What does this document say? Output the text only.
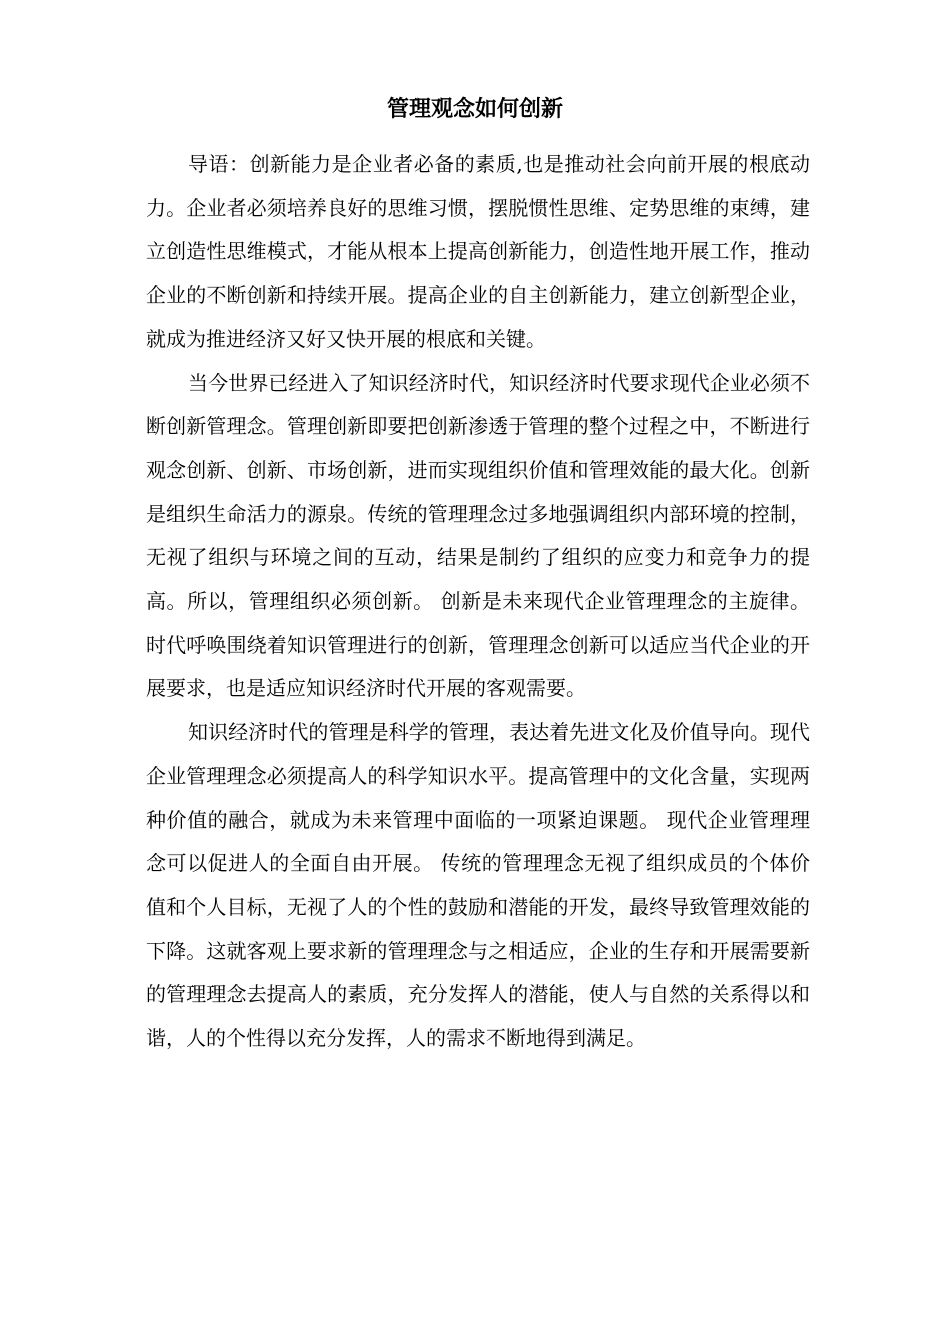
管理观念如何创新

导语：创新能力是企业者必备的素质,也是推动社会向前开展的根底动力。企业者必须培养良好的思维习惯，摆脱惯性思维、定势思维的束缚，建立创造性思维模式，才能从根本上提高创新能力，创造性地开展工作，推动企业的不断创新和持续开展。提高企业的自主创新能力，建立创新型企业，就成为推进经济又好又快开展的根底和关键。

当今世界已经进入了知识经济时代，知识经济时代要求现代企业必须不断创新管理念。管理创新即要把创新渗透于管理的整个过程之中，不断进行观念创新、创新、市场创新，进而实现组织价值和管理效能的最大化。创新是组织生命活力的源泉。传统的管理理念过多地强调组织内部环境的控制，无视了组织与环境之间的互动，结果是制约了组织的应变力和竞争力的提高。所以，管理组织必须创新。 创新是未来现代企业管理理念的主旋律。 时代呼唤围绕着知识管理进行的创新，管理理念创新可以适应当代企业的开展要求，也是适应知识经济时代开展的客观需要。

知识经济时代的管理是科学的管理，表达着先进文化及价值导向。现代企业管理理念必须提高人的科学知识水平。提高管理中的文化含量，实现两种价值的融合，就成为未来管理中面临的一项紧迫课题。 现代企业管理理念可以促进人的全面自由开展。 传统的管理理念无视了组织成员的个体价值和个人目标，无视了人的个性的鼓励和潜能的开发，最终导致管理效能的下降。这就客观上要求新的管理理念与之相适应，企业的生存和开展需要新的管理理念去提高人的素质，充分发挥人的潜能，使人与自然的关系得以和谐，人的个性得以充分发挥，人的需求不断地得到满足。
